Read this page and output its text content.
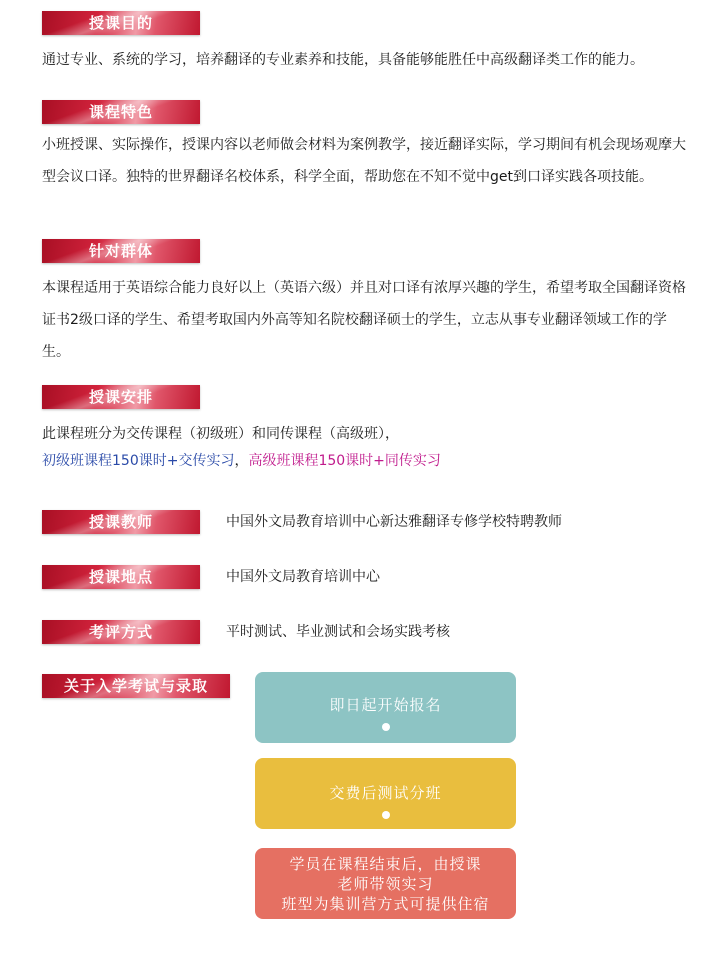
授课目的
通过专业、系统的学习，培养翻译的专业素养和技能，具备能够能胜任中高级翻译类工作的能力。
课程特色
小班授课、实际操作，授课内容以老师做会材料为案例教学，接近翻译实际，学习期间有机会现场观摩大型会议口译。独特的世界翻译名校体系，科学全面，帮助您在不知不觉中get到口译实践各项技能。
针对群体
本课程适用于英语综合能力良好以上（英语六级）并且对口译有浓厚兴趣的学生，希望考取全国翻译资格证书2级口译的学生、希望考取国内外高等知名院校翻译硕士的学生，立志从事专业翻译领域工作的学生。
授课安排
此课程班分为交传课程（初级班）和同传课程（高级班），
初级班课程150课时+交传实习，高级班课程150课时+同传实习
授课教师	中国外文局教育培训中心新达雅翻译专修学校特聘教师
授课地点	中国外文局教育培训中心
考评方式	平时测试、毕业测试和会场实践考核
关于入学考试与录取
即日起开始报名
交费后测试分班
学员在课程结束后，由授课
老师带领实习
班型为集训营方式可提供住宿
